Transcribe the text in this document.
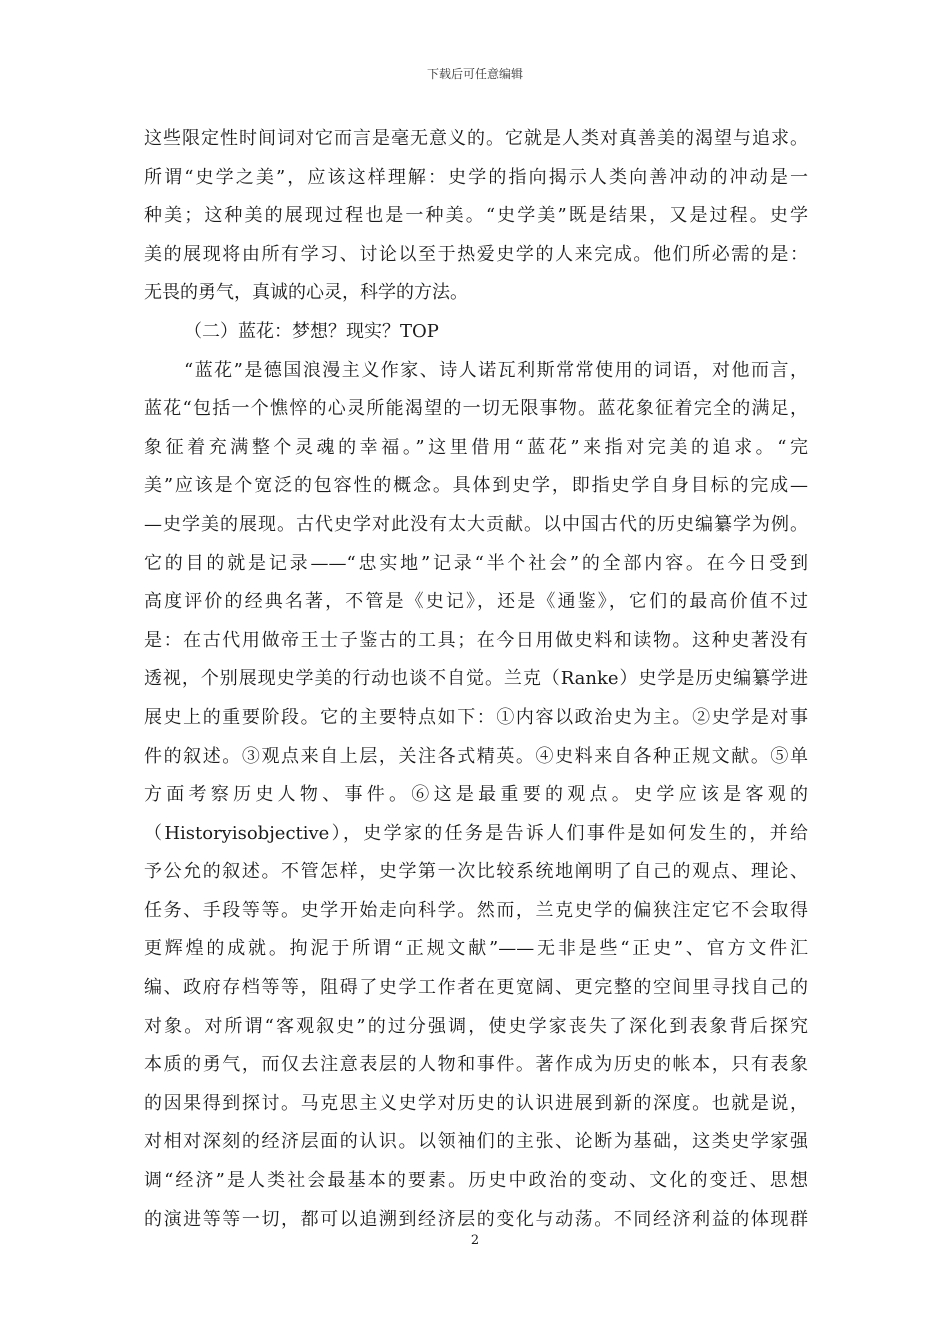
下载后可任意编辑
这些限定性时间词对它而言是毫无意义的。它就是人类对真善美的渴望与追求。
所谓“史学之美”，应该这样理解：史学的指向揭示人类向善冲动的冲动是一
种美；这种美的展现过程也是一种美。“史学美”既是结果，又是过程。史学
美的展现将由所有学习、讨论以至于热爱史学的人来完成。他们所必需的是：
无畏的勇气，真诚的心灵，科学的方法。
（二）蓝花：梦想？现实？TOP
“蓝花”是德国浪漫主义作家、诗人诺瓦利斯常常使用的词语，对他而言，
蓝花“包括一个憔悴的心灵所能渴望的一切无限事物。蓝花象征着完全的满足，
象征着充满整个灵魂的幸福。”这里借用“蓝花”来指对完美的追求。“完
美”应该是个宽泛的包容性的概念。具体到史学，即指史学自身目标的完成—
—史学美的展现。古代史学对此没有太大贡献。以中国古代的历史编纂学为例。
它的目的就是记录——“忠实地”记录“半个社会”的全部内容。在今日受到
高度评价的经典名著，不管是《史记》，还是《通鉴》，它们的最高价值不过
是：在古代用做帝王士子鉴古的工具；在今日用做史料和读物。这种史著没有
透视，个别展现史学美的行动也谈不自觉。兰克（Ranke）史学是历史编纂学进
展史上的重要阶段。它的主要特点如下：①内容以政治史为主。②史学是对事
件的叙述。③观点来自上层，关注各式精英。④史料来自各种正规文献。⑤单
方面考察历史人物、事件。⑥这是最重要的观点。史学应该是客观的
（Historyisobjective），史学家的任务是告诉人们事件是如何发生的，并给
予公允的叙述。不管怎样，史学第一次比较系统地阐明了自己的观点、理论、
任务、手段等等。史学开始走向科学。然而，兰克史学的偏狭注定它不会取得
更辉煌的成就。拘泥于所谓“正规文献”——无非是些“正史”、官方文件汇
编、政府存档等等，阻碍了史学工作者在更宽阔、更完整的空间里寻找自己的
对象。对所谓“客观叙史”的过分强调，使史学家丧失了深化到表象背后探究
本质的勇气，而仅去注意表层的人物和事件。著作成为历史的帐本，只有表象
的因果得到探讨。马克思主义史学对历史的认识进展到新的深度。也就是说，
对相对深刻的经济层面的认识。以领袖们的主张、论断为基础，这类史学家强
调“经济”是人类社会最基本的要素。历史中政治的变动、文化的变迁、思想
的演进等等一切，都可以追溯到经济层的变化与动荡。不同经济利益的体现群
2
